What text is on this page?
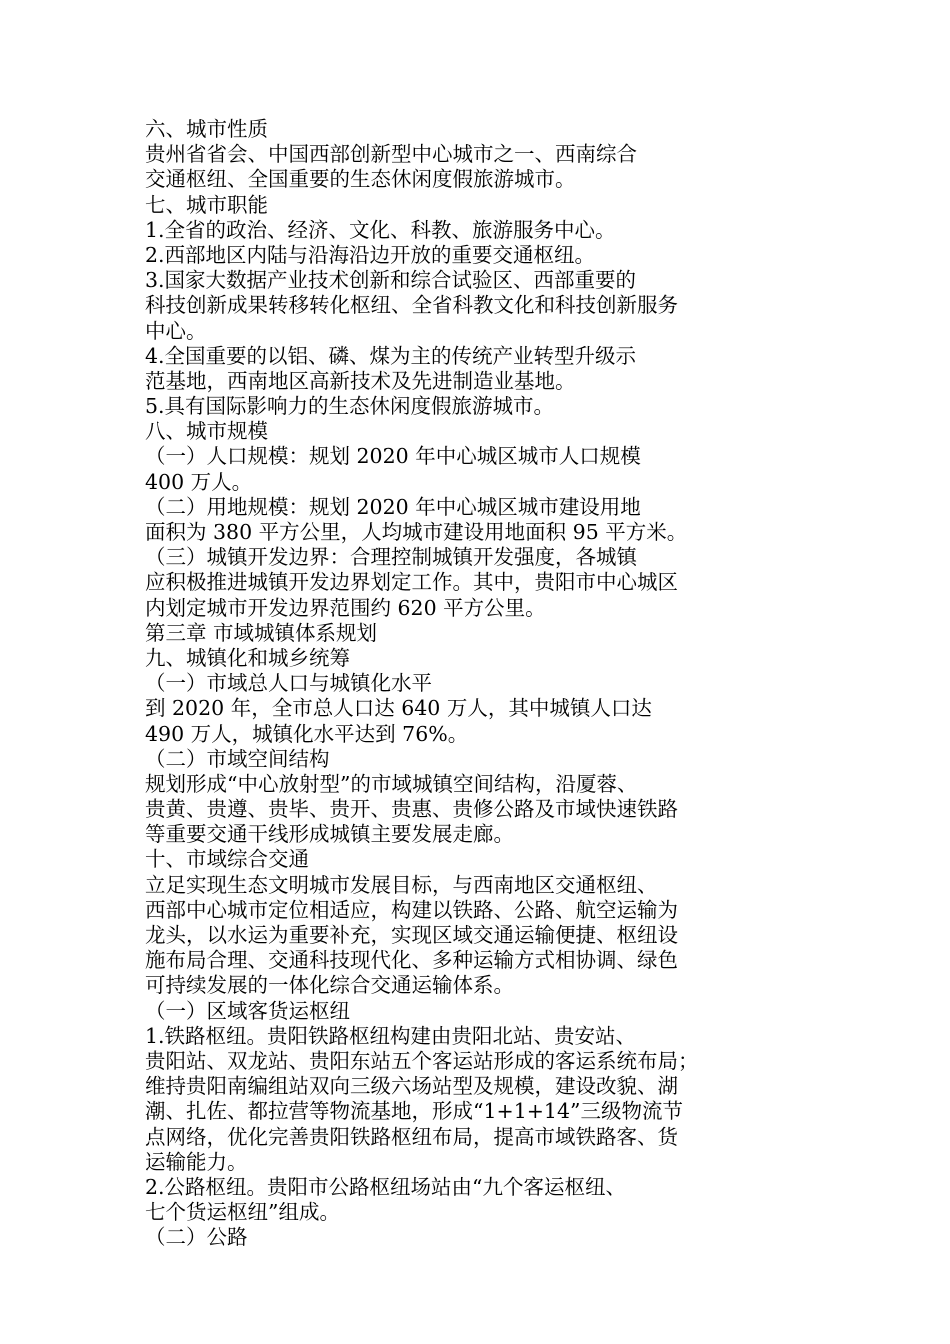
六、城市性质
贵州省省会、中国西部创新型中心城市之一、西南综合
交通枢纽、全国重要的生态休闲度假旅游城市。
七、城市职能
1.全省的政治、经济、文化、科教、旅游服务中心。
2.西部地区内陆与沿海沿边开放的重要交通枢纽。
3.国家大数据产业技术创新和综合试验区、西部重要的
科技创新成果转移转化枢纽、全省科教文化和科技创新服务
中心。
4.全国重要的以铝、磷、煤为主的传统产业转型升级示
范基地，西南地区高新技术及先进制造业基地。
5.具有国际影响力的生态休闲度假旅游城市。
八、城市规模
（一）人口规模：规划 2020 年中心城区城市人口规模
400 万人。
（二）用地规模：规划 2020 年中心城区城市建设用地
面积为 380 平方公里，人均城市建设用地面积 95 平方米。
（三）城镇开发边界：合理控制城镇开发强度，各城镇
应积极推进城镇开发边界划定工作。其中，贵阳市中心城区
内划定城市开发边界范围约 620 平方公里。
第三章 市域城镇体系规划
九、城镇化和城乡统筹
（一）市域总人口与城镇化水平
到 2020 年，全市总人口达 640 万人，其中城镇人口达
490 万人，城镇化水平达到 76%。
（二）市域空间结构
规划形成“中心放射型”的市域城镇空间结构，沿厦蓉、
贵黄、贵遵、贵毕、贵开、贵惠、贵修公路及市域快速铁路
等重要交通干线形成城镇主要发展走廊。
十、市域综合交通
立足实现生态文明城市发展目标，与西南地区交通枢纽、
西部中心城市定位相适应，构建以铁路、公路、航空运输为
龙头，以水运为重要补充，实现区域交通运输便捷、枢纽设
施布局合理、交通科技现代化、多种运输方式相协调、绿色
可持续发展的一体化综合交通运输体系。
（一）区域客货运枢纽
1.铁路枢纽。贵阳铁路枢纽构建由贵阳北站、贵安站、
贵阳站、双龙站、贵阳东站五个客运站形成的客运系统布局；
维持贵阳南编组站双向三级六场站型及规模，建设改貌、湖
潮、扎佐、都拉营等物流基地，形成“1+1+14”三级物流节
点网络，优化完善贵阳铁路枢纽布局，提高市域铁路客、货
运输能力。
2.公路枢纽。贵阳市公路枢纽场站由“九个客运枢纽、
七个货运枢纽”组成。
（二）公路
